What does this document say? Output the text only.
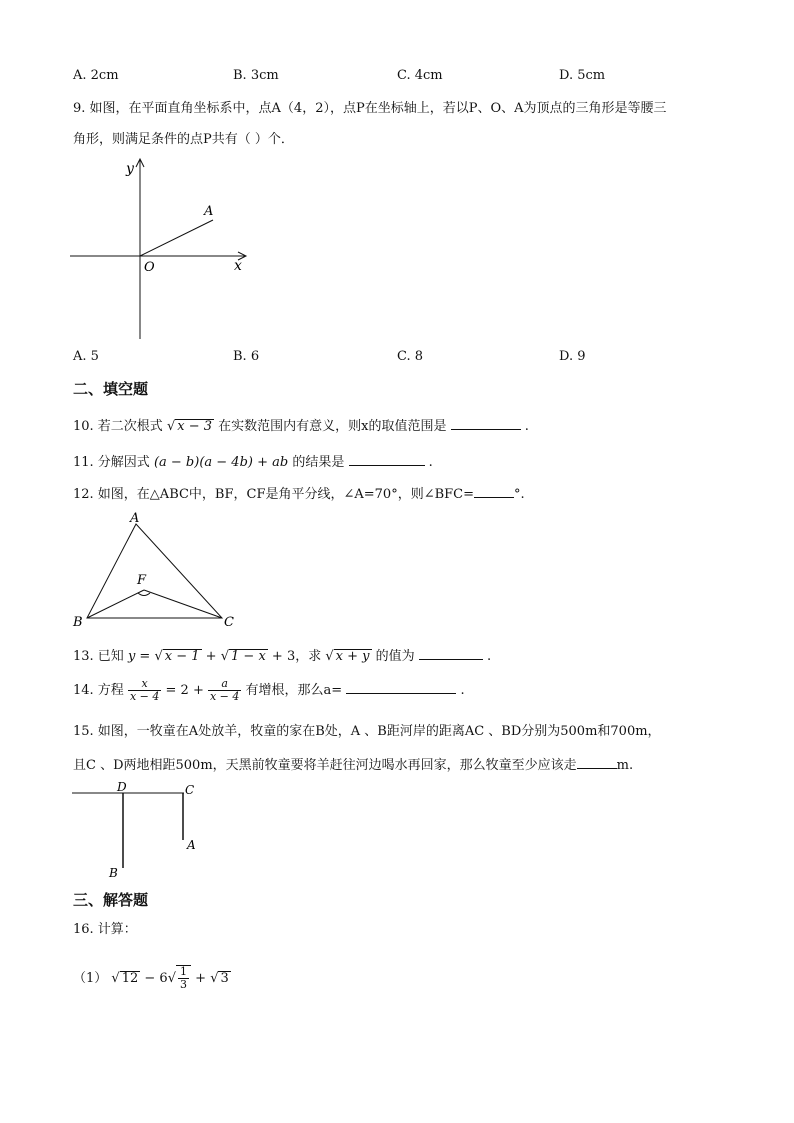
A. 2cm	B. 3cm	C. 4cm	D. 5cm
9. 如图，在平面直角坐标系中，点A（4，2），点P在坐标轴上，若以P、O、A为顶点的三角形是等腰三
角形，则满足条件的点P共有（ ）个．
y
x
O
A
A. 5	B. 6	C. 8	D. 9
二、填空题
10. 若二次根式 √ x − 3 在实数范围内有意义，则x的取值范围是	.
11. 分解因式 (a − b)(a − 4b) + ab 的结果是	.
12. 如图，在△ABC中，BF，CF是角平分线，∠A=70°，则∠BFC=	°.
A
B	C
F
13. 已知 y = √ x − 1 + √ 1 − x + 3，求 √ x + y 的值为	.
14. 方程 $\frac{x}{x - 4} = 2 + \frac{a}{x - 4}$ 有增根，那么a=	.
15. 如图，一牧童在A处放羊，牧童的家在B处，A 、B距河岸的距离AC 、BD分别为500m和700m，
且C 、D两地相距500m，天黑前牧童要将羊赶往河边喝水再回家，那么牧童至少应该走	m.
D	C
A
B
三、解答题
16. 计算：
（1） √ $12 - 6√ \frac{1}{3}$ + √ 3
